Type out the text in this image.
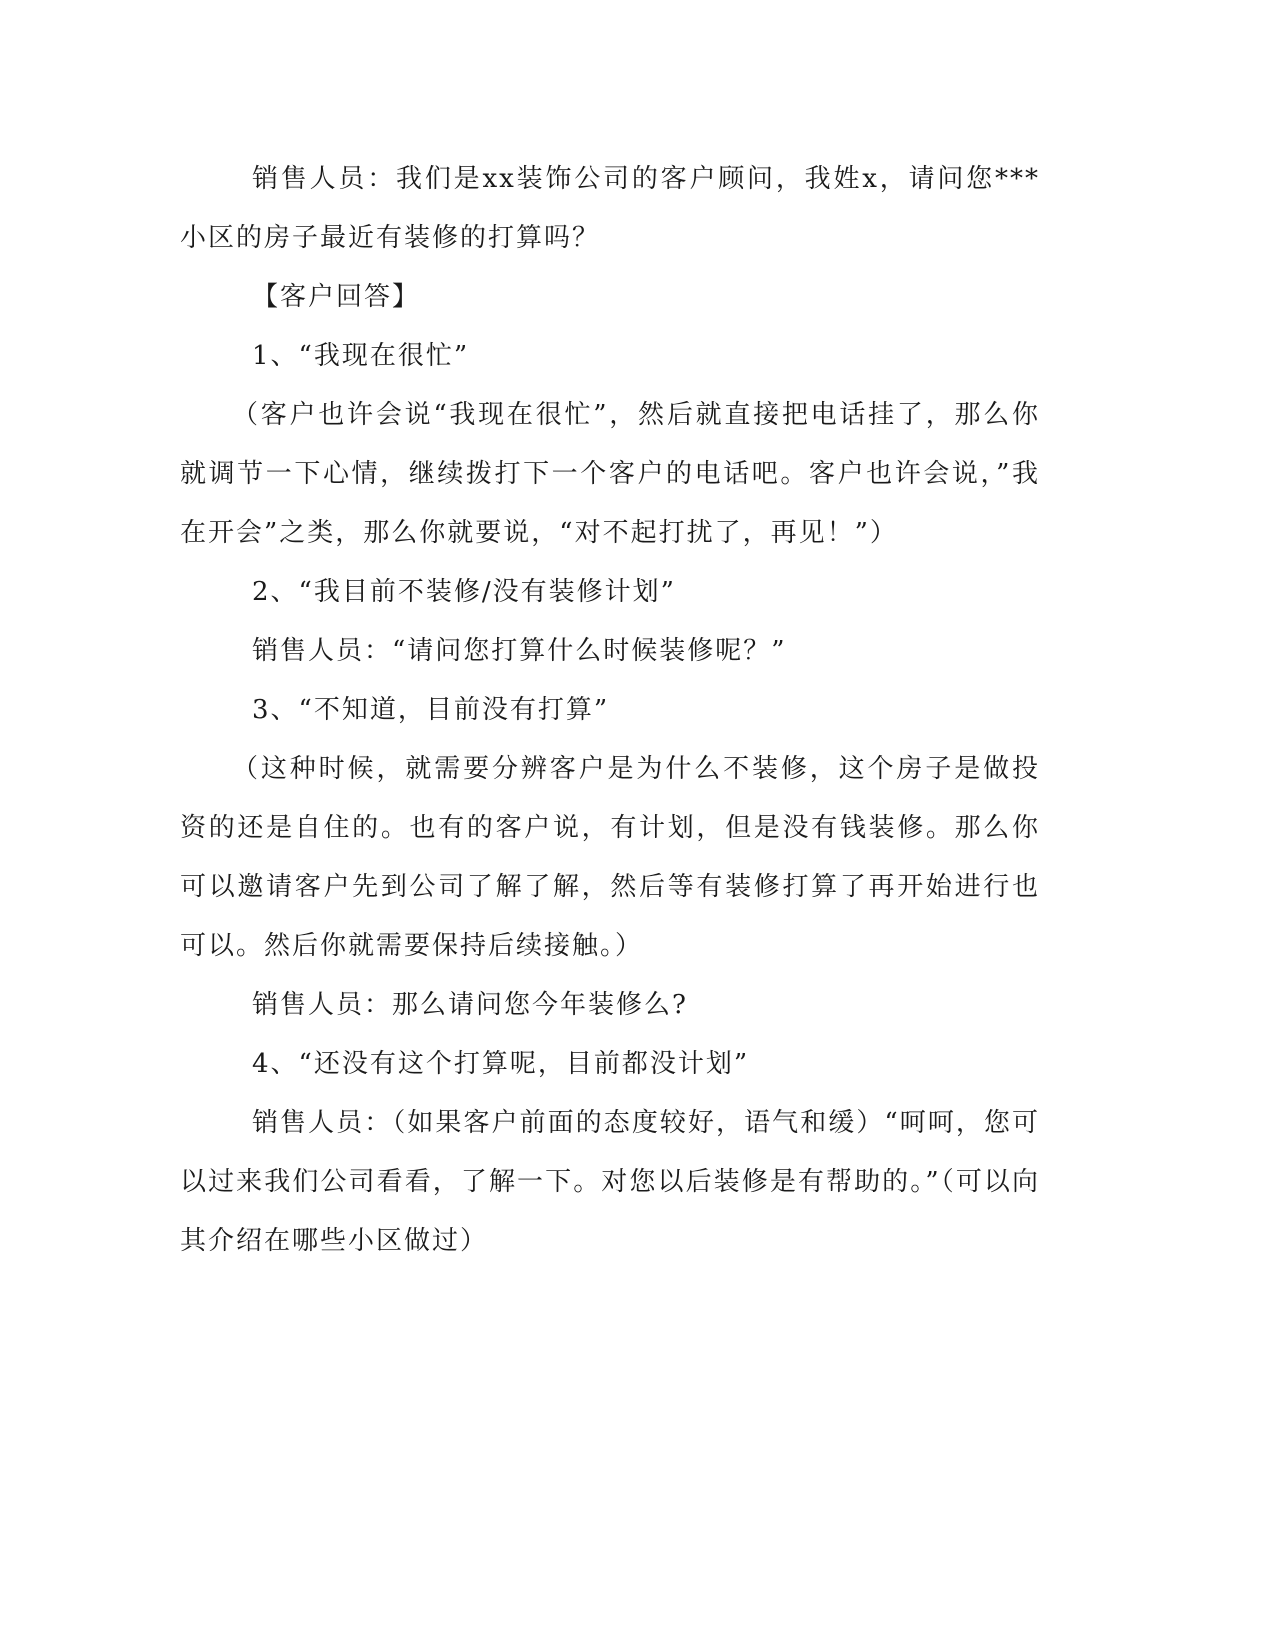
销售人员：我们是xx装饰公司的客户顾问，我姓x，请问您***小区的房子最近有装修的打算吗？

【客户回答】

1、“我现在很忙”

（客户也许会说“我现在很忙”，然后就直接把电话挂了，那么你就调节一下心情，继续拨打下一个客户的电话吧。客户也许会说，”我在开会”之类，那么你就要说，“对不起打扰了，再见！”）

2、“我目前不装修/没有装修计划”

销售人员：“请问您打算什么时候装修呢？”

3、“不知道，目前没有打算”

（这种时候，就需要分辨客户是为什么不装修，这个房子是做投资的还是自住的。也有的客户说，有计划，但是没有钱装修。那么你可以邀请客户先到公司了解了解，然后等有装修打算了再开始进行也可以。然后你就需要保持后续接触。）

销售人员：那么请问您今年装修么?

4、“还没有这个打算呢，目前都没计划”

销售人员：（如果客户前面的态度较好，语气和缓）“呵呵，您可以过来我们公司看看，了解一下。对您以后装修是有帮助的。”（可以向其介绍在哪些小区做过）
